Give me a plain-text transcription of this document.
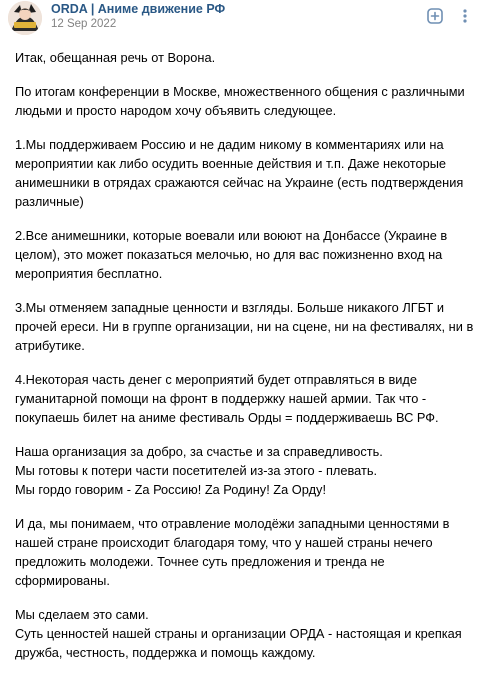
ORDA | Аниме движение РФ
12 Sep 2022

Итак, обещанная речь от Ворона.

По итогам конференции в Москве, множественного общения с различными людьми и просто народом хочу объявить следующее.

1.Мы поддерживаем Россию и не дадим никому в комментариях или на мероприятии как либо осудить военные действия и т.п. Даже некоторые анимешники в отрядах сражаются сейчас на Украине (есть подтверждения различные)

2.Все анимешники, которые воевали или воюют на Донбассе (Украине в целом), это может показаться мелочью, но для вас пожизненно вход на мероприятия бесплатно.

3.Мы отменяем западные ценности и взгляды. Больше никакого ЛГБТ и прочей ереси. Ни в группе организации, ни на сцене, ни на фестивалях, ни в атрибутике.

4.Некоторая часть денег с мероприятий будет отправляться в виде гуманитарной помощи на фронт в поддержку нашей армии. Так что - покупаешь билет на аниме фестиваль Орды = поддерживаешь ВС РФ.

Наша организация за добро, за счастье и за справедливость.
Мы готовы к потери части посетителей из-за этого - плевать.
Мы гордо говорим - Zа Россию! Zа Родину! Zа Орду!

И да, мы понимаем, что отравление молодёжи западными ценностями в нашей стране происходит благодаря тому, что у нашей страны нечего предложить молодежи. Точнее суть предложения и тренда не сформированы.

Мы сделаем это сами.
Суть ценностей нашей страны и организации ОРДА - настоящая и крепкая дружба, честность, поддержка и помощь каждому.
